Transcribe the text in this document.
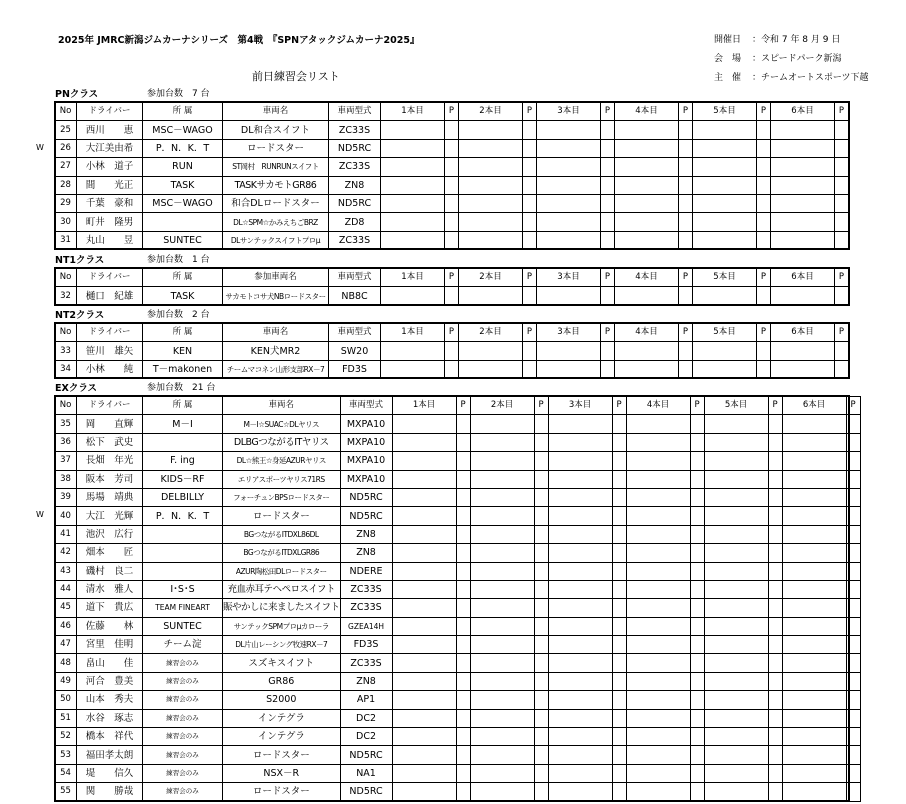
2025年 JMRC新潟ジムカーナシリーズ　第4戦　『SPNアタックジムカーナ2025』
前日練習会リスト
開催日 ：令和 7 年 8 月 9 日
会　場 ：スピードパーク新潟
主　催 ：チームオートスポーツ下越
PNクラス	参加台数　7 台
W
No	ドライバー	所 属	車両名	車両型式	1本目	P	2本目	P	3本目	P	4本目	P	5本目	P	6本目	P
25	西川　　恵	MSC－WAGO	DL和合スイフト	ZC33S												
26	大江美由希	P．N．K．T	ロードスター	ND5RC												
27	小林　道子	RUN	ST岡村　RUNRUNスイフト	ZC33S												
28	間　　光正	TASK	TASKサカモトGR86	ZN8												
29	千葉　豪和	MSC－WAGO	和合DLロードスター	ND5RC												
30	町井　隆男		DL☆SPM☆かみえちごBRZ	ZD8												
31	丸山　　昱	SUNTEC	DLサンテックスイフトプロμ	ZC33S												
NT1クラス	参加台数　1 台
No	ドライバー	所 属	参加車両名	車両型式	1本目	P	2本目	P	3本目	P	4本目	P	5本目	P	6本目	P
32	樋口　紀雄	TASK	サカモトコサ犬NBロードスター	NB8C												
NT2クラス	参加台数　2 台
No	ドライバー	所 属	車両名	車両型式	1本目	P	2本目	P	3本目	P	4本目	P	5本目	P	6本目	P
33	笹川　雄矢	KEN	KEN犬MR2	SW20												
34	小林　　純	T－makonen	チームマコネン山形支部RX－7	FD3S												
EXクラス	参加台数　21 台
W
No	ドライバー	所 属	車両名	車両型式	1本目	P	2本目	P	3本目	P	4本目	P	5本目	P	6本目	P
35	岡　　直輝	M－I	M－I☆SUAC☆DLヤリス	MXPA10												
36	松下　武史		DLBGつながるITヤリス	MXPA10												
37	長畑　年光	F. ing	DL☆熊王☆身延AZURヤリス	MXPA10												
38	阪本　芳司	KIDS－RF	エリアスポーツヤリス71RS	MXPA10												
39	馬場　靖典	DELBILLY	フォーチュンBPSロードスター	ND5RC												
40	大江　光輝	P．N．K．T	ロードスター	ND5RC												
41	池沢　広行		BGつながるITDXL86DL	ZN8												
42	畑本　　匠		BGつながるITDXLGR86	ZN8												
43	磯村　良二		AZUR陶松田DLロードスター	NDERE												
44	清水　雅人	I･S･S	充血赤耳テヘペロスイフト	ZC33S												
45	道下　貴広	TEAM FINEART	賑やかしに来ましたスイフト	ZC33S												
46	佐藤　　林	SUNTEC	サンテックSPMプロμカローラ	GZEA14H												
47	宮里　佳明	チーム淀	DL片山レーシング牧速RX－7	FD3S												
48	畠山　　佳	練習会のみ	スズキスイフト	ZC33S												
49	河合　豊美	練習会のみ	GR86	ZN8												
50	山本　秀夫	練習会のみ	S2000	AP1												
51	水谷　琢志	練習会のみ	インテグラ	DC2												
52	橋本　祥代	練習会のみ	インテグラ	DC2												
53	福田孝太朗	練習会のみ	ロードスター	ND5RC												
54	堤　　信久	練習会のみ	NSX－R	NA1												
55	関　　勝哉	練習会のみ	ロードスター	ND5RC												
